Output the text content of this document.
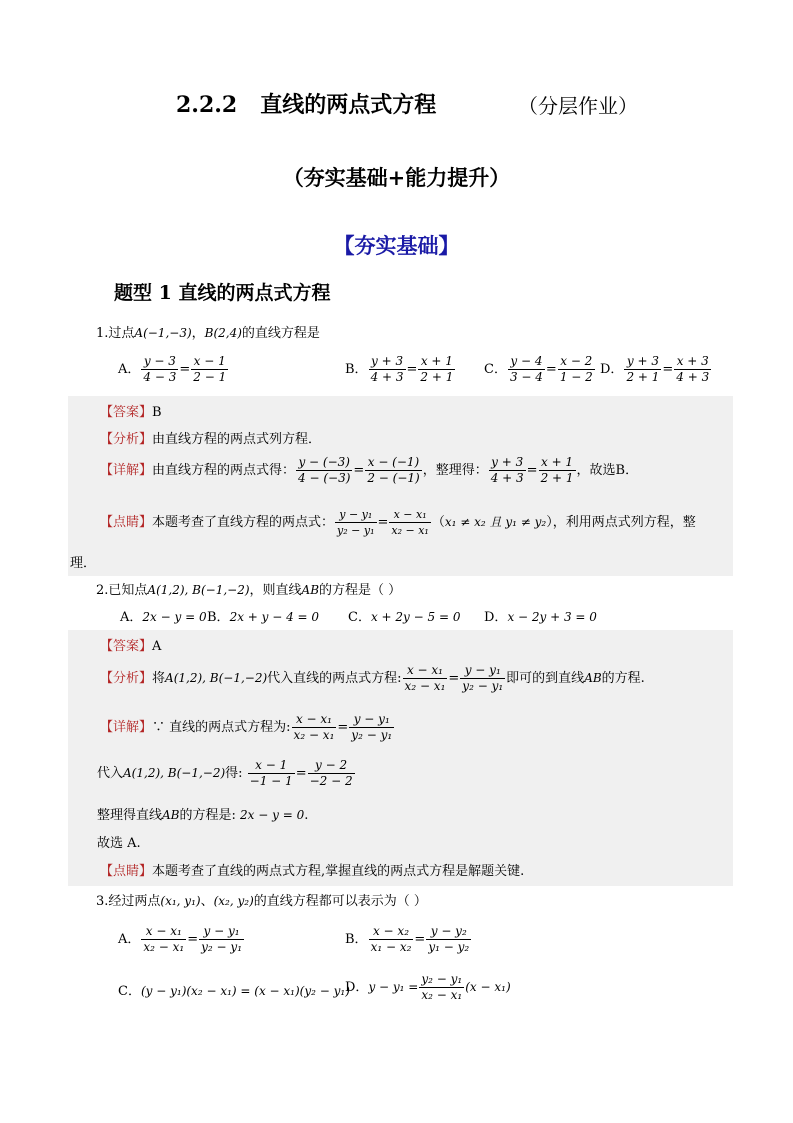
2.2.2 直线的两点式方程	（分层作业）
（夯实基础+能力提升）
【夯实基础】
题型 1 直线的两点式方程
1.过点A(−1,−3)，B(2,4)的直线方程是
A． $\frac{y - 3}{4 - 3} = \frac{x - 1}{2 - 1}$	B． $\frac{y + 3}{4 + 3} = \frac{x + 1}{2 + 1}$ C． $\frac{y - 4}{3 - 4} = \frac{x - 2}{1 - 2}$ D． $\frac{y + 3}{2 + 1} = \frac{x + 3}{4 + 3}$
【答案】B
【分析】由直线方程的两点式列方程．
【详解】由直线方程的两点式得： $\frac{y - (-3)}{4 - (-3)} = \frac{x - (-1)}{2 - (-1)}$ ，整理得： $\frac{y + 3}{4 + 3} = \frac{x + 1}{2 + 1}$ ，故选B．
【点睛】本题考查了直线方程的两点式： $\frac{\text{y − y₁}}{\text{y₂ − y₁}} = \frac{\text{x − x₁}}{\text{x₂ − x₁}} (x_1 \ne x_2$ 且 y₁ ≠ y₂），利用两点式列方程，整
理．
2.已知点A(1,2), B(−1,−2)，则直线AB的方程是（ ）
A．2x − y = 0 B．2x + y − 4 = 0 C．x + 2y − 5 = 0 D．x − 2y + 3 = 0
【答案】A
【分析】将A(1,2), B(−1,−2)代入直线的两点式方程: $\frac{\text{x − x₁}}{\text{x₂ − x₁}} = \frac{\text{y − y₁}}{\text{y₂ − y₁}}$ 即可的到直线AB的方程.
【详解】∵ 直线的两点式方程为: $\frac{\text{x − x₁}}{\text{x₂ − x₁}} = \frac{\text{y − y₁}}{\text{y₂ − y₁}}$
代入A(1,2), B(−1,−2)得: $\frac{x - 1}{-1 - 1} = \frac{y - 2}{-2 - 2}$
整理得直线AB的方程是: 2x − y = 0.
故选 A.
【点睛】本题考查了直线的两点式方程,掌握直线的两点式方程是解题关键.
3.经过两点(x₁, y₁)、(x₂, y₂)的直线方程都可以表示为（ ）
A． $\frac{\text{x − x₁}}{\text{x₂ − x₁}} = \frac{\text{y − y₁}}{\text{y₂ − y₁}}$	B． $\frac{\text{x − x₂}}{\text{x₁ − x₂}} = \frac{\text{y − y₂}}{\text{y₁ − y₂}}$
C．(y − y₁)(x₂ − x₁) = (x − x₁)(y₂ − y₁)
D．$y - y_1 = \frac{\text{y₂ − y₁}}{\text{x₂ − x₁}} (x - x_1)$
